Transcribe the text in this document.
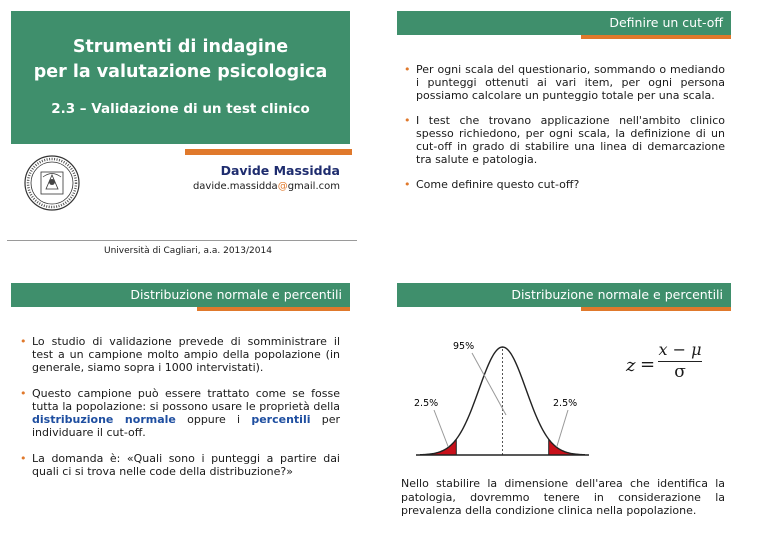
Strumenti di indagine
per la valutazione psicologica
2.3 – Validazione di un test clinico
Davide Massidda
davide.massidda@gmail.com
Università di Cagliari, a.a. 2013/2014
Definire un cut-off

• Per ogni scala del questionario, sommando o mediando i punteggi ottenuti ai vari item, per ogni persona possiamo calcolare un punteggio totale per una scala.

• I test che trovano applicazione nell'ambito clinico spesso richiedono, per ogni scala, la definizione di un cut-off in grado di stabilire una linea di demarcazione tra salute e patologia.

• Come definire questo cut-off?

Distribuzione normale e percentili

• Lo studio di validazione prevede di somministrare il test a un campione molto ampio della popolazione (in generale, siamo sopra i 1000 intervistati).

• Questo campione può essere trattato come se fosse tutta la popolazione: si possono usare le proprietà della distribuzione normale oppure i percentili per individuare il cut-off.

• La domanda è: «Quali sono i punteggi a partire dai quali ci si trova nelle code della distribuzione?»

Distribuzione normale e percentili
95%
2.5%	2.5%
z =
x − μ
σ
Nello stabilire la dimensione dell'area che identifica la patologia, dovremmo tenere in considerazione la prevalenza della condizione clinica nella popolazione.
